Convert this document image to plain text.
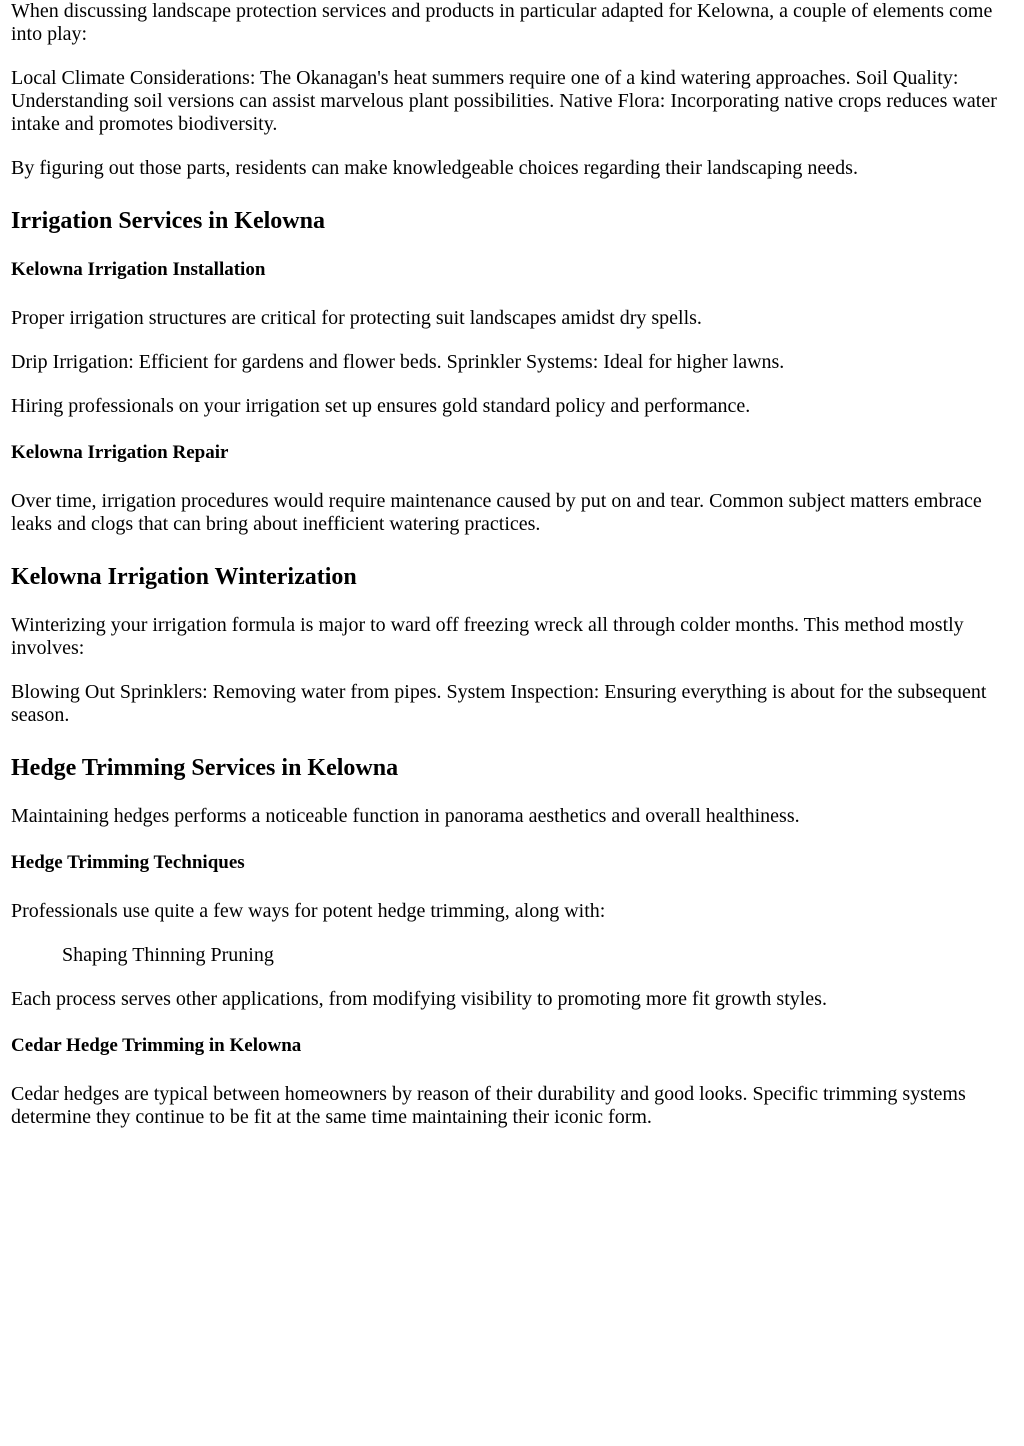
When discussing landscape protection services and products in particular adapted for Kelowna, a couple of elements come into play:

Local Climate Considerations: The Okanagan's heat summers require one of a kind watering approaches. Soil Quality: Understanding soil versions can assist marvelous plant possibilities. Native Flora: Incorporating native crops reduces water intake and promotes biodiversity.

By figuring out those parts, residents can make knowledgeable choices regarding their landscaping needs.

Irrigation Services in Kelowna
Kelowna Irrigation Installation

Proper irrigation structures are critical for protecting suit landscapes amidst dry spells.

Drip Irrigation: Efficient for gardens and flower beds. Sprinkler Systems: Ideal for higher lawns.

Hiring professionals on your irrigation set up ensures gold standard policy and performance.

Kelowna Irrigation Repair

Over time, irrigation procedures would require maintenance caused by put on and tear. Common subject matters embrace leaks and clogs that can bring about inefficient watering practices.

Kelowna Irrigation Winterization

Winterizing your irrigation formula is major to ward off freezing wreck all through colder months. This method mostly involves:

Blowing Out Sprinklers: Removing water from pipes. System Inspection: Ensuring everything is about for the subsequent season.

Hedge Trimming Services in Kelowna

Maintaining hedges performs a noticeable function in panorama aesthetics and overall healthiness.

Hedge Trimming Techniques

Professionals use quite a few ways for potent hedge trimming, along with:

Shaping Thinning Pruning

Each process serves other applications, from modifying visibility to promoting more fit growth styles.

Cedar Hedge Trimming in Kelowna

Cedar hedges are typical between homeowners by reason of their durability and good looks. Specific trimming systems determine they continue to be fit at the same time maintaining their iconic form.
